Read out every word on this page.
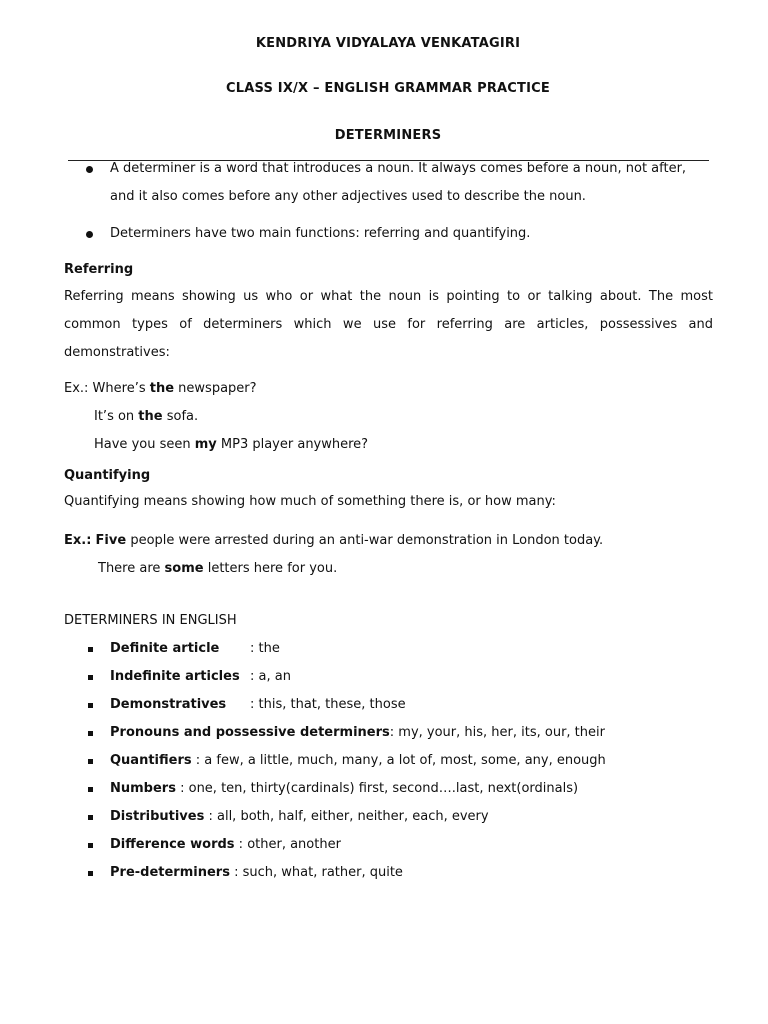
KENDRIYA VIDYALAYA VENKATAGIRI
CLASS IX/X – ENGLISH GRAMMAR PRACTICE
DETERMINERS
A determiner is a word that introduces a noun. It always comes before a noun, not after,
and it also comes before any other adjectives used to describe the noun.
Determiners have two main functions: referring and quantifying.
Referring
Referring means showing us who or what the noun is pointing to or talking about. The most
common types of determiners which we use for referring are articles, possessives and
demonstratives:
Ex.: Where’s the newspaper?
It’s on the sofa.
Have you seen my MP3 player anywhere?
Quantifying
Quantifying means showing how much of something there is, or how many:
Ex.: Five people were arrested during an anti-war demonstration in London today.
There are some letters here for you.
DETERMINERS IN ENGLISH
Definite article : the
Indefinite articles : a, an
Demonstratives : this, that, these, those
Pronouns and possessive determiners: my, your, his, her, its, our, their
Quantifiers : a few, a little, much, many, a lot of, most, some, any, enough
Numbers : one, ten, thirty(cardinals) first, second….last, next(ordinals)
Distributives : all, both, half, either, neither, each, every
Difference words : other, another
Pre-determiners : such, what, rather, quite
